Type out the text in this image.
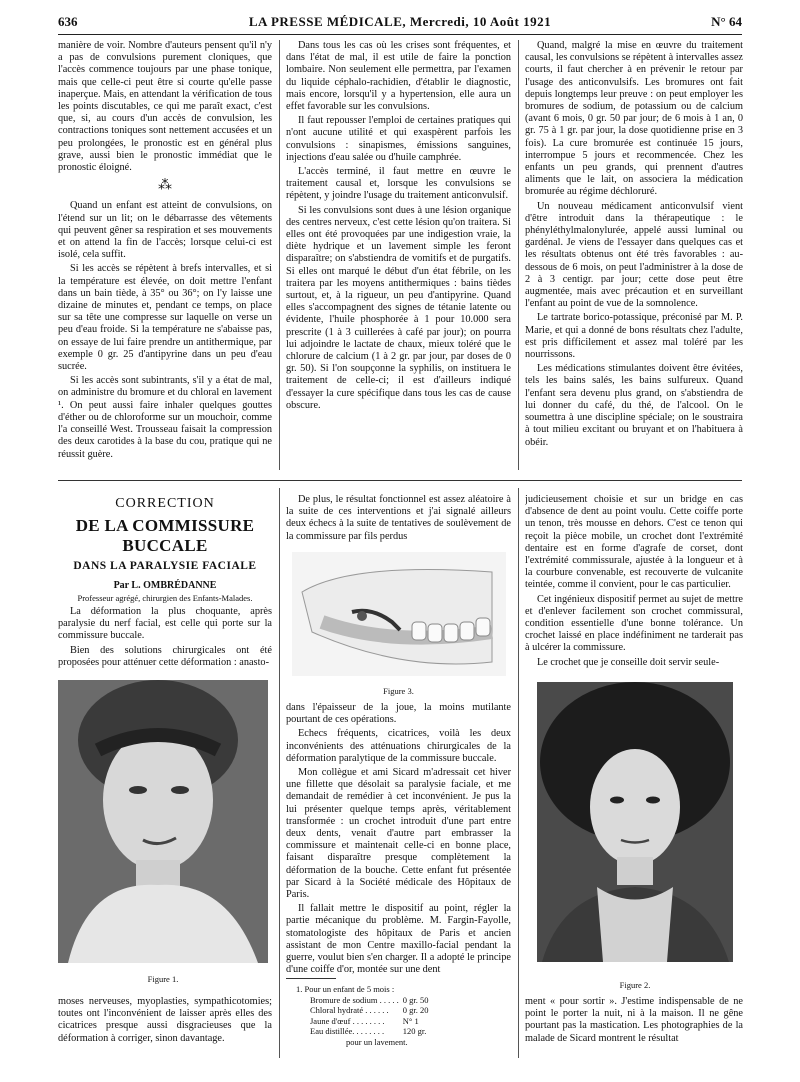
636	LA PRESSE MÉDICALE, Mercredi, 10 Août 1921	N° 64

manière de voir. Nombre d'auteurs pensent qu'il n'y a pas de convulsions purement cloniques, que l'accès commence toujours par une phase tonique, mais que celle-ci peut être si courte qu'elle passe inaperçue. Mais, en attendant la vérification de tous les points discutables, ce qui me paraît exact, c'est que, si, au cours d'un accès de convulsion, les contractions toniques sont nettement accusées et un peu prolongées, le pronostic est en général plus grave, aussi bien le pronostic immédiat que le pronostic éloigné.

⁂

Quand un enfant est atteint de convulsions, on l'étend sur un lit; on le débarrasse des vêtements qui peuvent gêner sa respiration et ses mouvements et on attend la fin de l'accès; lorsque celui-ci est isolé, cela suffit.

Si les accès se répètent à brefs intervalles, et si la température est élevée, on doit mettre l'enfant dans un bain tiède, à 35° ou 36°; on l'y laisse une dizaine de minutes et, pendant ce temps, on place sur sa tête une compresse sur laquelle on verse un peu d'eau froide. Si la température ne s'abaisse pas, on essaye de lui faire prendre un antithermique, par exemple 0 gr. 25 d'antipyrine dans un peu d'eau sucrée.

Si les accès sont subintrants, s'il y a état de mal, on administre du bromure et du chloral en lavement ¹. On peut aussi faire inhaler quelques gouttes d'éther ou de chloroforme sur un mouchoir, comme l'a conseillé West. Trousseau faisait la compression des deux carotides à la base du cou, pratique qui ne réussit guère.

Dans tous les cas où les crises sont fréquentes, et dans l'état de mal, il est utile de faire la ponction lombaire. Non seulement elle permettra, par l'examen du liquide céphalo-rachidien, d'établir le diagnostic, mais encore, lorsqu'il y a hypertension, elle aura un effet favorable sur les convulsions.

Il faut repousser l'emploi de certaines pratiques qui n'ont aucune utilité et qui exaspèrent parfois les convulsions : sinapismes, émissions sanguines, injections d'eau salée ou d'huile camphrée.

L'accès terminé, il faut mettre en œuvre le traitement causal et, lorsque les convulsions se répètent, y joindre l'usage du traitement anticonvulsif.

Si les convulsions sont dues à une lésion organique des centres nerveux, c'est cette lésion qu'on traitera. Si elles ont été provoquées par une indigestion vraie, la diète hydrique et un lavement simple les feront disparaître; on s'abstiendra de vomitifs et de purgatifs. Si elles ont marqué le début d'un état fébrile, on les traitera par les moyens antithermiques : bains tièdes surtout, et, à la rigueur, un peu d'antipyrine. Quand elles s'accompagnent des signes de tétanie latente ou évidente, l'huile phosphorée à 1 pour 10.000 sera prescrite (1 à 3 cuillerées à café par jour); on pourra lui adjoindre le lactate de chaux, mieux toléré que le chlorure de calcium (1 à 2 gr. par jour, par doses de 0 gr. 50). Si l'on soupçonne la syphilis, on instituera le traitement de celle-ci; il est d'ailleurs indiqué d'essayer la cure spécifique dans tous les cas de cause obscure.

Quand, malgré la mise en œuvre du traitement causal, les convulsions se répètent à intervalles assez courts, il faut chercher à en prévenir le retour par l'usage des anticonvulsifs. Les bromures ont fait depuis longtemps leur preuve : on peut employer les bromures de sodium, de potassium ou de calcium (avant 6 mois, 0 gr. 50 par jour; de 6 mois à 1 an, 0 gr. 75 à 1 gr. par jour, la dose quotidienne prise en 3 fois). La cure bromurée est continuée 15 jours, interrompue 5 jours et recommencée. Chez les enfants un peu grands, qui prennent d'autres aliments que le lait, on associera la médication bromurée au régime déchloruré.

Un nouveau médicament anticonvulsif vient d'être introduit dans la thérapeutique : le phényléthylmalonylurée, appelé aussi luminal ou gardénal. Je viens de l'essayer dans quelques cas et les résultats obtenus ont été très favorables : au-dessous de 6 mois, on peut l'administrer à la dose de 2 à 3 centigr. par jour; cette dose peut être augmentée, mais avec précaution et en surveillant l'enfant au point de vue de la somnolence.

Le tartrate borico-potassique, préconisé par M. P. Marie, et qui a donné de bons résultats chez l'adulte, est pris difficilement et assez mal toléré par les nourrissons.

Les médications stimulantes doivent être évitées, tels les bains salés, les bains sulfureux. Quand l'enfant sera devenu plus grand, on s'abstiendra de lui donner du café, du thé, de l'alcool. On le soumettra à une discipline spéciale; on le soustraira à tout milieu excitant ou bruyant et on l'habituera à obéir.

CORRECTION
DE LA COMMISSURE BUCCALE
DANS LA PARALYSIE FACIALE
Par L. OMBRÉDANNE
Professeur agrégé, chirurgien des Enfants-Malades.

La déformation la plus choquante, après paralysie du nerf facial, est celle qui porte sur la commissure buccale.

Bien des solutions chirurgicales ont été proposées pour atténuer cette déformation : anasto-

Figure 1.

moses nerveuses, myoplasties, sympathicotomies; toutes ont l'inconvénient de laisser après elles des cicatrices presque aussi disgracieuses que la déformation à corriger, sinon davantage.

De plus, le résultat fonctionnel est assez aléatoire à la suite de ces interventions et j'ai signalé ailleurs deux échecs à la suite de tentatives de soulèvement de la commissure par fils perdus

Figure 3.

dans l'épaisseur de la joue, la moins mutilante pourtant de ces opérations.

Echecs fréquents, cicatrices, voilà les deux inconvénients des atténuations chirurgicales de la déformation paralytique de la commissure buccale.

Mon collègue et ami Sicard m'adressait cet hiver une fillette que désolait sa paralysie faciale, et me demandait de remédier à cet inconvénient. Je pus la lui présenter quelque temps après, véritablement transformée : un crochet introduit d'une part entre deux dents, venait d'autre part embrasser la commissure et maintenait celle-ci en bonne place, faisant disparaître presque complètement la déformation de la bouche. Cette enfant fut présentée par Sicard à la Société médicale des Hôpitaux de Paris.

Il fallait mettre le dispositif au point, régler la partie mécanique du problème. M. Fargin-Fayolle, stomatologiste des hôpitaux de Paris et ancien assistant de mon Centre maxillo-facial pendant la guerre, voulut bien s'en charger. Il a adopté le principe d'une coiffe d'or, montée sur une dent

1. Pour un enfant de 5 mois :
Bromure de sodium . . . . .	0 gr. 50
Chloral hydraté . . . . . .	0 gr. 20
Jaune d'œuf . . . . . . . .	N° 1
Eau distillée. . . . . . . .	120 gr.
pour un lavement.

judicieusement choisie et sur un bridge en cas d'absence de dent au point voulu. Cette coiffe porte un tenon, très mousse en dehors. C'est ce tenon qui reçoit la pièce mobile, un crochet dont l'extrémité dentaire est en forme d'agrafe de corset, dont l'extrémité commissurale, ajustée à la longueur et à la courbure convenable, est recouverte de vulcanite teintée, comme il convient, pour le cas particulier.

Cet ingénieux dispositif permet au sujet de mettre et d'enlever facilement son crochet commissural, condition essentielle d'une bonne tolérance. Un crochet laissé en place indéfiniment ne tarderait pas à ulcérer la commissure.

Le crochet que je conseille doit servir seule-

Figure 2.

ment « pour sortir ». J'estime indispensable de ne point le porter la nuit, ni à la maison. Il ne gêne pourtant pas la mastication. Les photographies de la malade de Sicard montrent le résultat
